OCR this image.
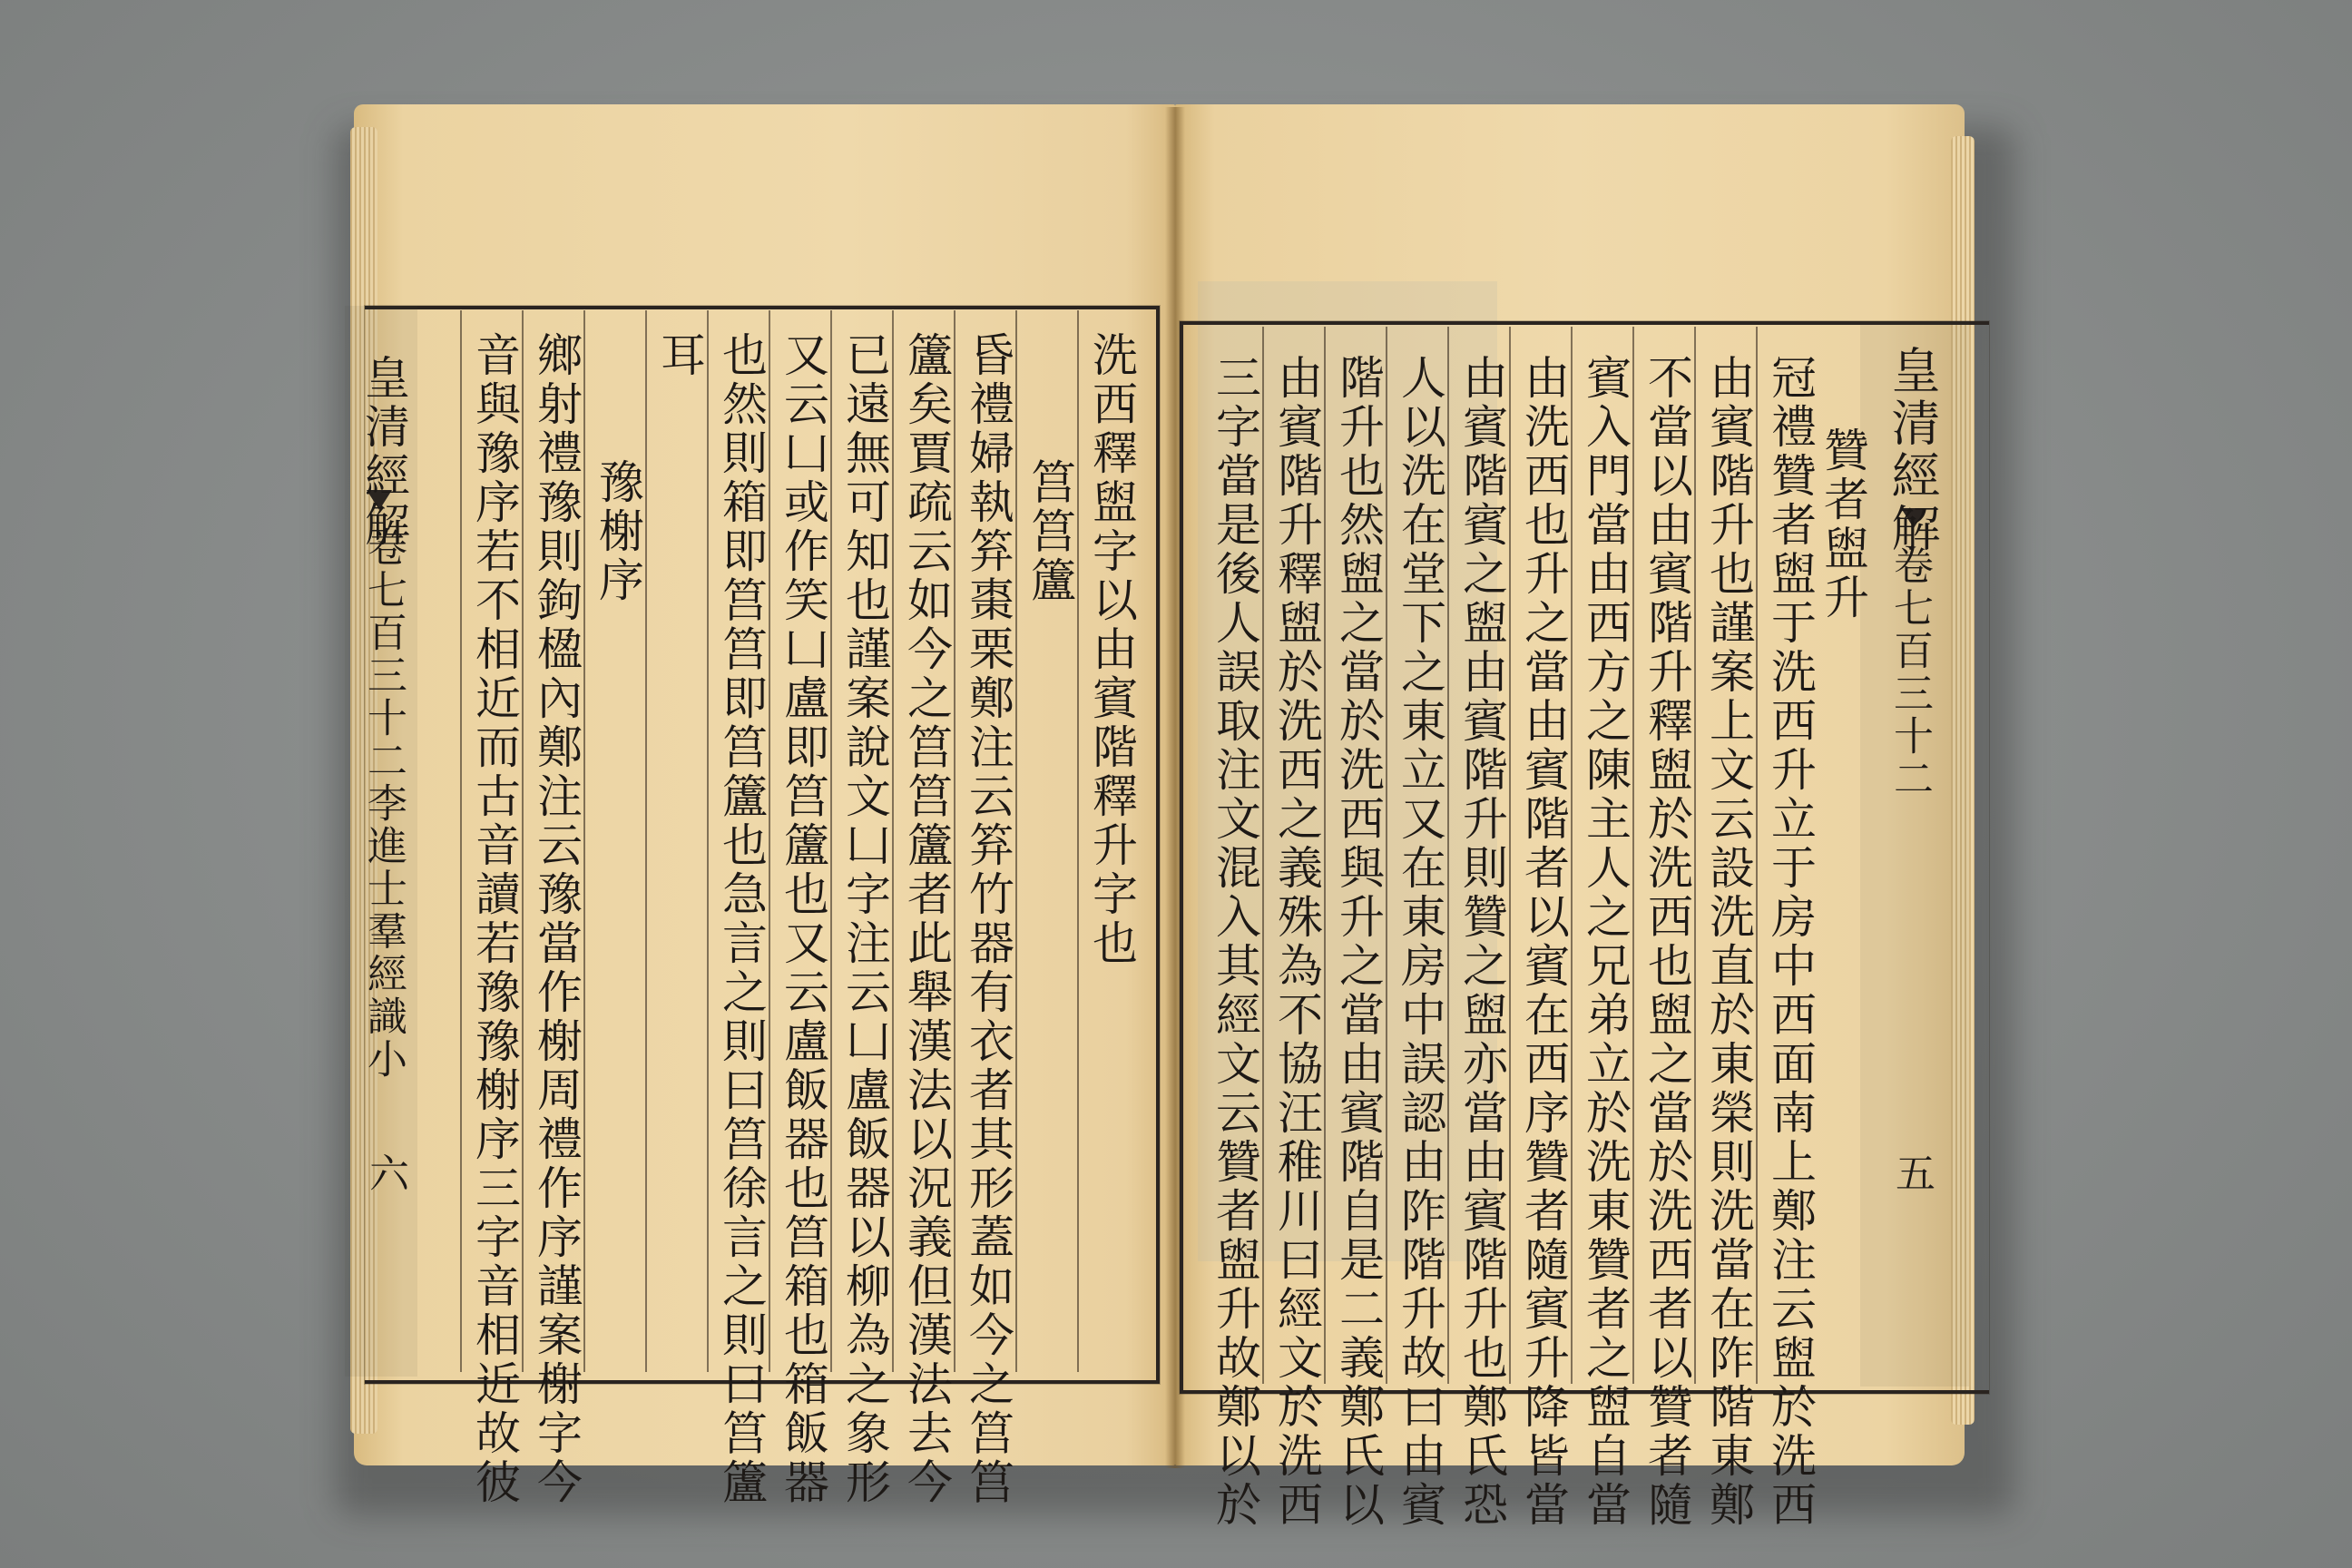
皇清經解
卷七百三十二
五
贊者盥升
冠禮贊者盥于洗西升立于房中西面南上鄭注云盥於洗西
由賓階升也謹案上文云設洗直於東榮則洗當在阼階東鄭
不當以由賓階升釋盥於洗西也盥之當於洗西者以贊者隨
賓入門當由西方之陳主人之兄弟立於洗東贊者之盥自當
由洗西也升之當由賓階者以賓在西序贊者隨賓升降皆當
由賓階賓之盥由賓階升則贊之盥亦當由賓階升也鄭氏恐
人以洗在堂下之東立又在東房中誤認由阼階升故曰由賓
階升也然盥之當於洗西與升之當由賓階自是二義鄭氏以
由賓階升釋盥於洗西之義殊為不協汪稚川曰經文於洗西
三字當是後人誤取注文混入其經文云贊者盥升故鄭以於
皇清經解
卷七百三十二李進士羣經識小
六
洗西釋盥字以由賓階釋升字也
筥筥籚
昏禮婦執笲棗栗鄭注云笲竹器有衣者其形蓋如今之筥筥
籚矣賈疏云如今之筥筥籚者此舉漢法以況義但漢法去今
已遠無可知也謹案說文凵字注云凵盧飯器以柳為之象形
又云凵或作笑凵盧即筥籚也又云盧飯器也筥箱也箱飯器
也然則箱即筥筥即筥籚也急言之則曰筥徐言之則曰筥籚
耳
豫榭序
鄉射禮豫則鉤楹內鄭注云豫當作榭周禮作序謹案榭字今
音與豫序若不相近而古音讀若豫豫榭序三字音相近故彼
